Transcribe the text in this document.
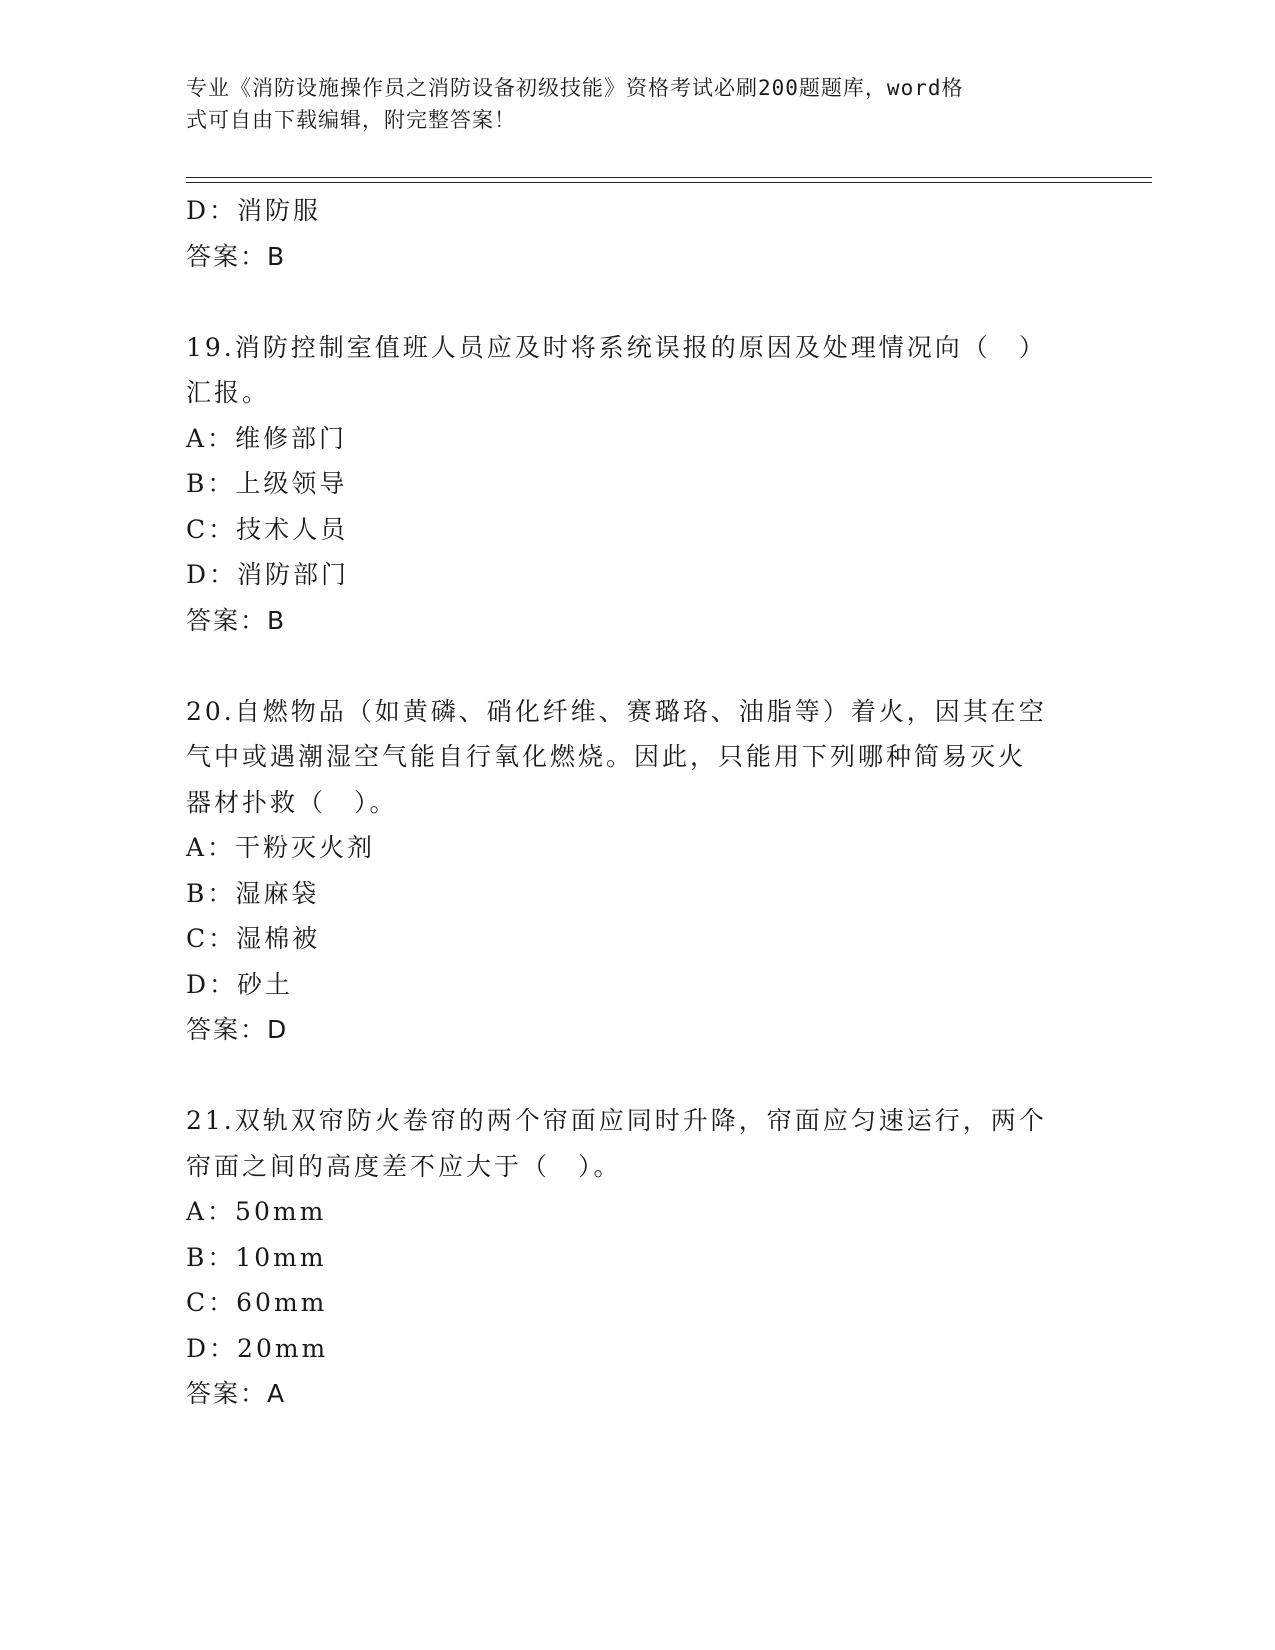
专业《消防设施操作员之消防设备初级技能》资格考试必刷200题题库，word格
式可自由下载编辑，附完整答案！

D：消防服

答案：B

19.消防控制室值班人员应及时将系统误报的原因及处理情况向（　）

汇报。

A：维修部门

B：上级领导

C：技术人员

D：消防部门

答案：B

20.自燃物品（如黄磷、硝化纤维、赛璐珞、油脂等）着火，因其在空

气中或遇潮湿空气能自行氧化燃烧。因此，只能用下列哪种简易灭火

器材扑救（　）。

A：干粉灭火剂

B：湿麻袋

C：湿棉被

D：砂土

答案：D

21.双轨双帘防火卷帘的两个帘面应同时升降，帘面应匀速运行，两个

帘面之间的高度差不应大于（　）。

A：50mm

B：10mm

C：60mm

D：20mm

答案：A
